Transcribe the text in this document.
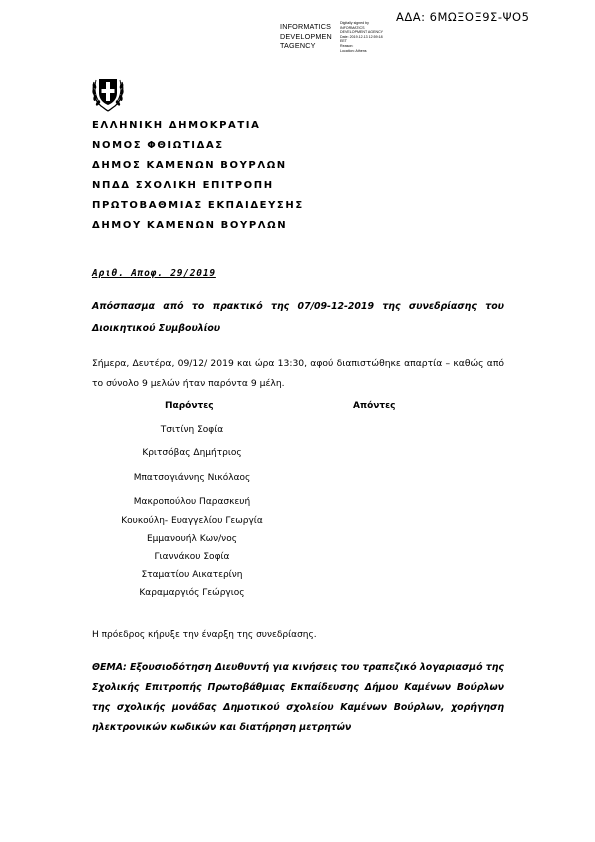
ΑΔΑ: 6ΜΩΞΟΞ9Σ-ΨΟ5
INFORMATICS
DEVELOPMEN
TAGENCY
Digitally signed by
INFORMATICS
DEVELOPMENT AGENCY
Date: 2019.12.13 12:59:18
EET
Reason:
Location: Athens
ΕΛΛΗΝΙΚΗ ΔΗΜΟΚΡΑΤΙΑ
ΝΟΜΟΣ ΦΘΙΩΤΙΔΑΣ
ΔΗΜΟΣ ΚΑΜΕΝΩΝ ΒΟΥΡΛΩΝ
ΝΠΔΔ ΣΧΟΛΙΚΗ ΕΠΙΤΡΟΠΗ
ΠΡΩΤΟΒΑΘΜΙΑΣ ΕΚΠΑΙΔΕΥΣΗΣ
ΔΗΜΟΥ ΚΑΜΕΝΩΝ ΒΟΥΡΛΩΝ
Αριθ. Αποφ. 29/2019
Απόσπασμα από το πρακτικό της 07/09-12-2019 της συνεδρίασης του Διοικητικού Συμβουλίου
Σήμερα, Δευτέρα, 09/12/ 2019 και ώρα 13:30, αφού διαπιστώθηκε απαρτία – καθώς από το σύνολο 9 μελών ήταν παρόντα 9 μέλη.
Παρόντες	Απόντες
Τσιτίνη Σοφία
Κριτσόβας Δημήτριος
Μπατσογιάννης Νικόλαος
Μακροπούλου Παρασκευή
Κουκούλη- Ευαγγελίου Γεωργία
Εμμανουήλ Κων/νος
Γιαννάκου Σοφία
Σταματίου Αικατερίνη
Καραμαργιός Γεώργιος
Η πρόεδρος κήρυξε την έναρξη της συνεδρίασης.
ΘΕΜΑ: Εξουσιοδότηση Διευθυντή για κινήσεις του τραπεζικό λογαριασμό της Σχολικής Επιτροπής Πρωτοβάθμιας Εκπαίδευσης Δήμου Καμένων Βούρλων της σχολικής μονάδας Δημοτικού σχολείου Καμένων Βούρλων, χορήγηση ηλεκτρονικών κωδικών και διατήρηση μετρητών
